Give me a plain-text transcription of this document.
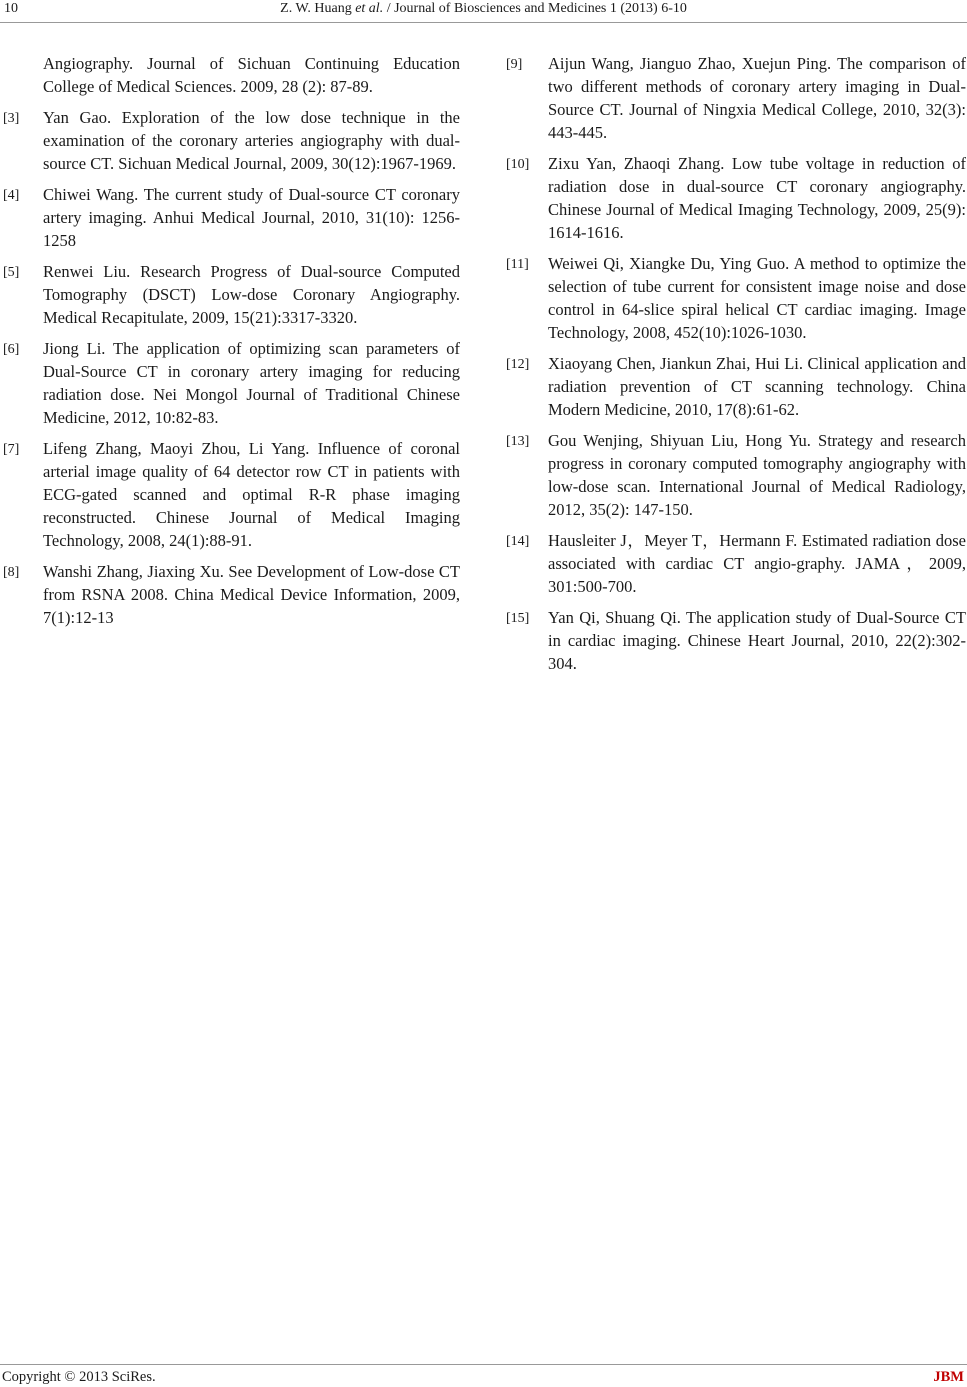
10	Z. W. Huang et al. / Journal of Biosciences and Medicines 1 (2013) 6-10
Angiography. Journal of Sichuan Continuing Education College of Medical Sciences. 2009, 28 (2): 87-89.
[3] Yan Gao. Exploration of the low dose technique in the examination of the coronary arteries angiography with dual-source CT. Sichuan Medical Journal, 2009, 30(12):1967-1969.
[4] Chiwei Wang. The current study of Dual-source CT coronary artery imaging. Anhui Medical Journal, 2010, 31(10): 1256-1258
[5] Renwei Liu. Research Progress of Dual-source Computed Tomography (DSCT) Low-dose Coronary Angiography. Medical Recapitulate, 2009, 15(21):3317-3320.
[6] Jiong Li. The application of optimizing scan parameters of Dual-Source CT in coronary artery imaging for reducing radiation dose. Nei Mongol Journal of Traditional Chinese Medicine, 2012, 10:82-83.
[7] Lifeng Zhang, Maoyi Zhou, Li Yang. Influence of coronal arterial image quality of 64 detector row CT in patients with ECG-gated scanned and optimal R-R phase imaging reconstructed. Chinese Journal of Medical Imaging Technology, 2008, 24(1):88-91.
[8] Wanshi Zhang, Jiaxing Xu. See Development of Low-dose CT from RSNA 2008. China Medical Device Information, 2009, 7(1):12-13
[9] Aijun Wang, Jianguo Zhao, Xuejun Ping. The comparison of two different methods of coronary artery imaging in Dual-Source CT. Journal of Ningxia Medical College, 2010, 32(3): 443-445.
[10] Zixu Yan, Zhaoqi Zhang. Low tube voltage in reduction of radiation dose in dual-source CT coronary angiography. Chinese Journal of Medical Imaging Technology, 2009, 25(9): 1614-1616.
[11] Weiwei Qi, Xiangke Du, Ying Guo. A method to optimize the selection of tube current for consistent image noise and dose control in 64-slice spiral helical CT cardiac imaging. Image Technology, 2008, 452(10):1026-1030.
[12] Xiaoyang Chen, Jiankun Zhai, Hui Li. Clinical application and radiation prevention of CT scanning technology. China Modern Medicine, 2010, 17(8):61-62.
[13] Gou Wenjing, Shiyuan Liu, Hong Yu. Strategy and research progress in coronary computed tomography angiography with low-dose scan. International Journal of Medical Radiology, 2012, 35(2): 147-150.
[14] Hausleiter J，Meyer T，Hermann F. Estimated radiation dose associated with cardiac CT angio-graphy. JAMA，2009, 301:500-700.
[15] Yan Qi, Shuang Qi. The application study of Dual-Source CT in cardiac imaging. Chinese Heart Journal, 2010, 22(2):302-304.
Copyright © 2013 SciRes.	JBM
